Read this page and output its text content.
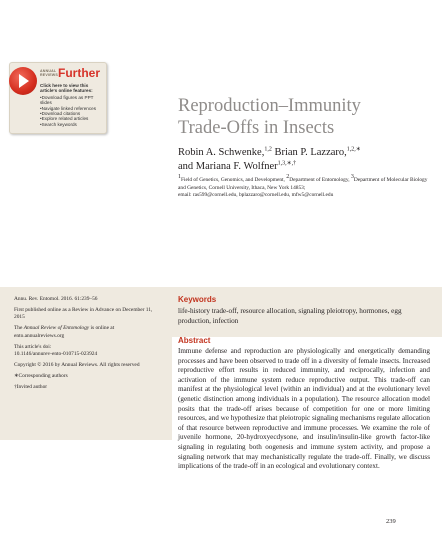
ANNUAL
REVIEWS Further
Click here to view this article's online features:
• Download figures as PPT slides
• Navigate linked references
• Download citations
• Explore related articles
• Search keywords
Reproduction–Immunity
Trade-Offs in Insects
Robin A. Schwenke,$^{1,2}$ Brian P. Lazzaro,$^{1,2,∗}$
and Mariana F. Wolfner$^{1,3,∗,\dagger}$
$^1$Field of Genetics, Genomics, and Development, $^2$Department of Entomology, $^3$Department of Molecular Biology and Genetics, Cornell University, Ithaca, New York 14853;
email: ras599@cornell.edu, bplazzaro@cornell.edu, mfw5@cornell.edu

Annu. Rev. Entomol. 2016. 61:239–56

First published online as a Review in Advance on December 11, 2015

The Annual Review of Entomology is online at ento.annualreviews.org

This article's doi:
10.1146/annurev-ento-010715-023924

Copyright © 2016 by Annual Reviews. All rights reserved

∗Corresponding authors

†Invited author

Keywords
life-history trade-off, resource allocation, signaling pleiotropy, hormones, egg production, infection
Abstract
Immune defense and reproduction are physiologically and energetically demanding processes and have been observed to trade off in a diversity of female insects. Increased reproductive effort results in reduced immunity, and reciprocally, infection and activation of the immune system reduce reproductive output. This trade-off can manifest at the physiological level (within an individual) and at the evolutionary level (genetic distinction among individuals in a population). The resource allocation model posits that the trade-off arises because of competition for one or more limiting resources, and we hypothesize that pleiotropic signaling mechanisms regulate allocation of that resource between reproductive and immune processes. We examine the role of juvenile hormone, 20-hydroxyecdysone, and insulin/insulin-like growth factor-like signaling in regulating both oogenesis and immune system activity, and propose a signaling network that may mechanistically regulate the trade-off. Finally, we discuss implications of the trade-off in an ecological and evolutionary context.
239
